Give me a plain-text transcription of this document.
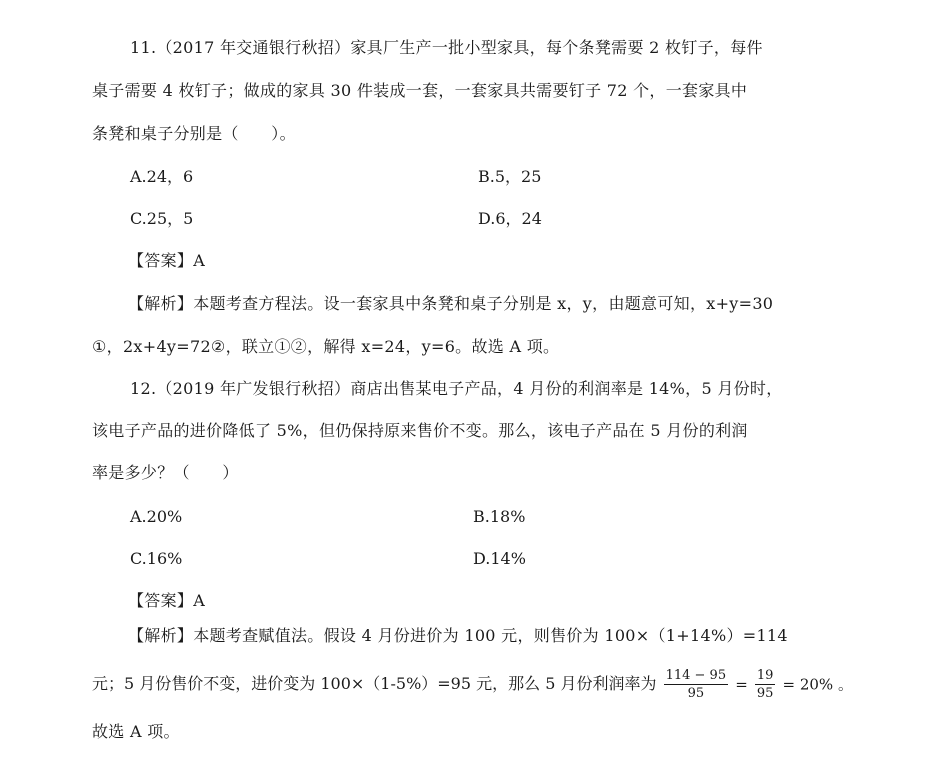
11.（2017 年交通银行秋招）家具厂生产一批小型家具，每个条凳需要 2 枚钉子，每件
桌子需要 4 枚钉子；做成的家具 30 件装成一套，一套家具共需要钉子 72 个，一套家具中
条凳和桌子分别是（　　）。
A.24，6	B.5，25
C.25，5	D.6，24
【答案】A
【解析】本题考查方程法。设一套家具中条凳和桌子分别是 x，y，由题意可知，x+y=30
①，2x+4y=72②，联立①②，解得 x=24，y=6。故选 A 项。
12.（2019 年广发银行秋招）商店出售某电子产品，4 月份的利润率是 14%，5 月份时，
该电子产品的进价降低了 5%，但仍保持原来售价不变。那么，该电子产品在 5 月份的利润
率是多少？（　　）
A.20%	B.18%
C.16%	D.14%
【答案】A
【解析】本题考查赋值法。假设 4 月份进价为 100 元，则售价为 100×（1+14%）=114
元；5 月份售价不变，进价变为 100×（1-5%）=95 元，那么 5 月份利润率为 $\frac{114 - 95}{95} = \frac{19}{95} = 20\%$ 。
故选 A 项。
